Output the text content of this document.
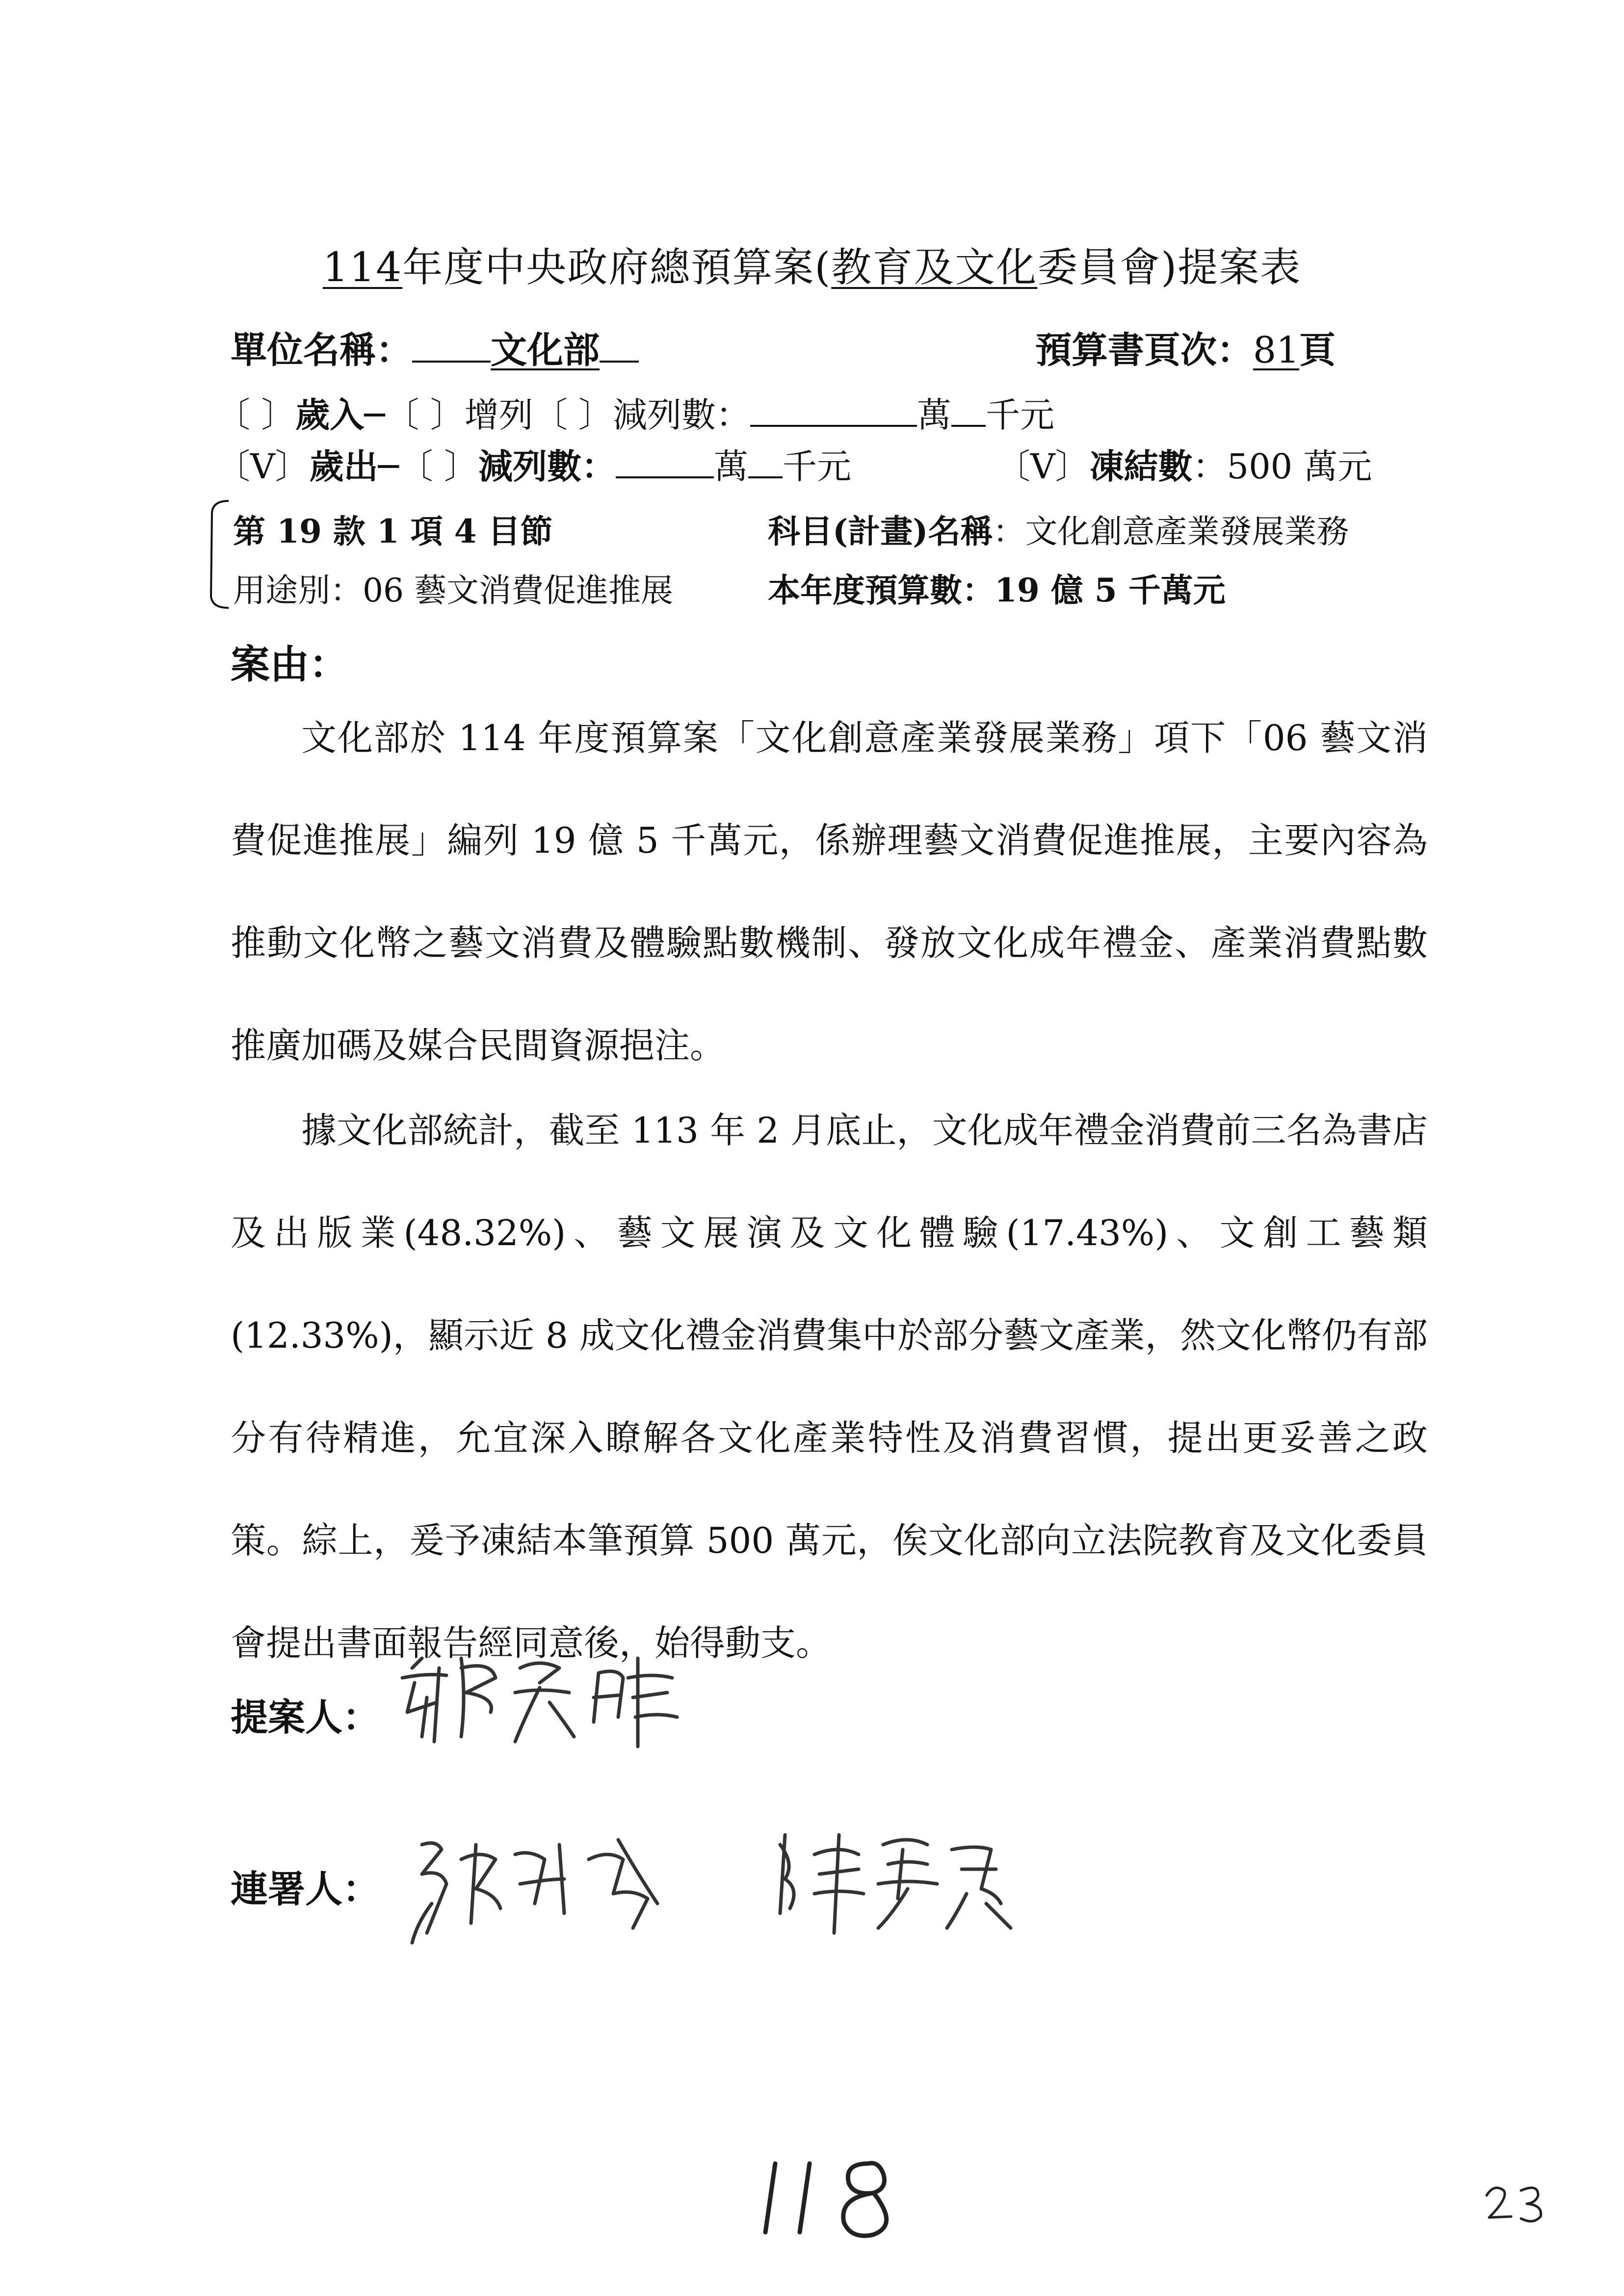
114年度中央政府總預算案(教育及文化委員會)提案表
單位名稱： 文化部	預算書頁次：81頁
〔 〕歲入─〔 〕增列〔 〕減列數：	萬 千元
〔V〕歲出─〔 〕減列數：	萬 千元	〔V〕凍結數：500 萬元
第 19 款 1 項 4 目節	科目(計畫)名稱：文化創意產業發展業務
用途別：06 藝文消費促進推展	本年度預算數：19 億 5 千萬元
案由：
文化部於 114 年度預算案「文化創意產業發展業務」項下「06 藝文消費促進推展」編列 19 億 5 千萬元，係辦理藝文消費促進推展，主要內容為推動文化幣之藝文消費及體驗點數機制、發放文化成年禮金、產業消費點數推廣加碼及媒合民間資源挹注。
據文化部統計，截至 113 年 2 月底止，文化成年禮金消費前三名為書店及出版業(48.32%)、藝文展演及文化體驗(17.43%)、文創工藝類(12.33%)，顯示近 8 成文化禮金消費集中於部分藝文產業，然文化幣仍有部分有待精進，允宜深入瞭解各文化產業特性及消費習慣，提出更妥善之政策。綜上，爰予凍結本筆預算 500 萬元，俟文化部向立法院教育及文化委員會提出書面報告經同意後，始得動支。
提案人：
連署人：
